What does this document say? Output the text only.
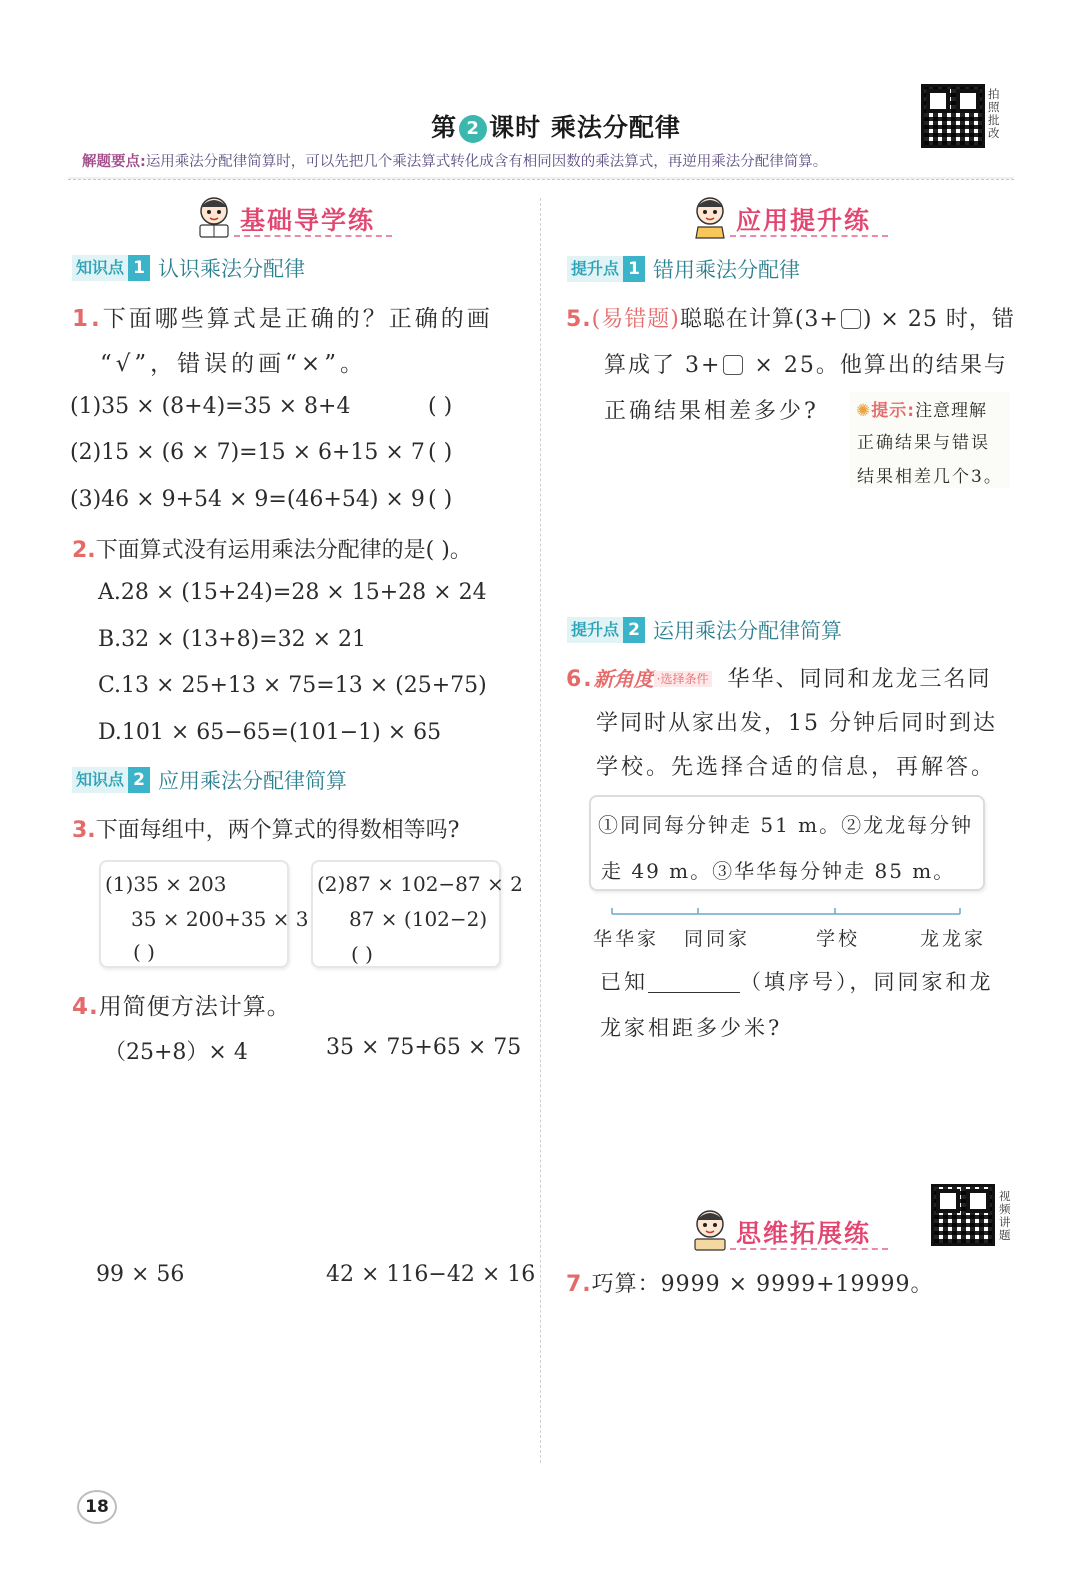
第 2 课时 乘法分配律
拍照批改
解题要点:运用乘法分配律简算时，可以先把几个乘法算式转化成含有相同因数的乘法算式，再逆用乘法分配律简算。
基础导学练
知识点 1 认识乘法分配律
1.下面哪些算式是正确的？正确的画
“√”，错误的画“×”。
(1)35 × (8+4)=35 × 8+4	( )
(2)15 × (6 × 7)=15 × 6+15 × 7 ( )
(3)46 × 9+54 × 9=(46+54) × 9 ( )
2.下面算式没有运用乘法分配律的是( )。
A.28 × (15+24)=28 × 15+28 × 24
B.32 × (13+8)=32 × 21
C.13 × 25+13 × 75=13 × (25+75)
D.101 × 65−65=(101−1) × 65
知识点 2 应用乘法分配律简算
3.下面每组中，两个算式的得数相等吗?
(1)35 × 203
35 × 200+35 × 3
( )
(2)87 × 102−87 × 2
87 × (102−2)
( )
4.用简便方法计算。
（25+8）× 4	35 × 75+65 × 75
99 × 56	42 × 116−42 × 16
应用提升练
提升点 1 错用乘法分配律
5.(易错题)聪聪在计算(3+ ) × 25 时，错
算成了 3+ × 25。他算出的结果与
正确结果相差多少? ✺提示:注意理解
正确结果与错误
结果相差几个3。
提升点 2 运用乘法分配律简算
6.新角度 ·选择条件 华华、同同和龙龙三名同
学同时从家出发，15 分钟后同时到达
学校。先选择合适的信息，再解答。
①同同每分钟走 51 m。②龙龙每分钟
走 49 m。③华华每分钟走 85 m。
华华家 同同家	学校	龙龙家
已知	（填序号），同同家和龙
龙家相距多少米?
思维拓展练
视频讲题
7.巧算：9999 × 9999+19999。
18
